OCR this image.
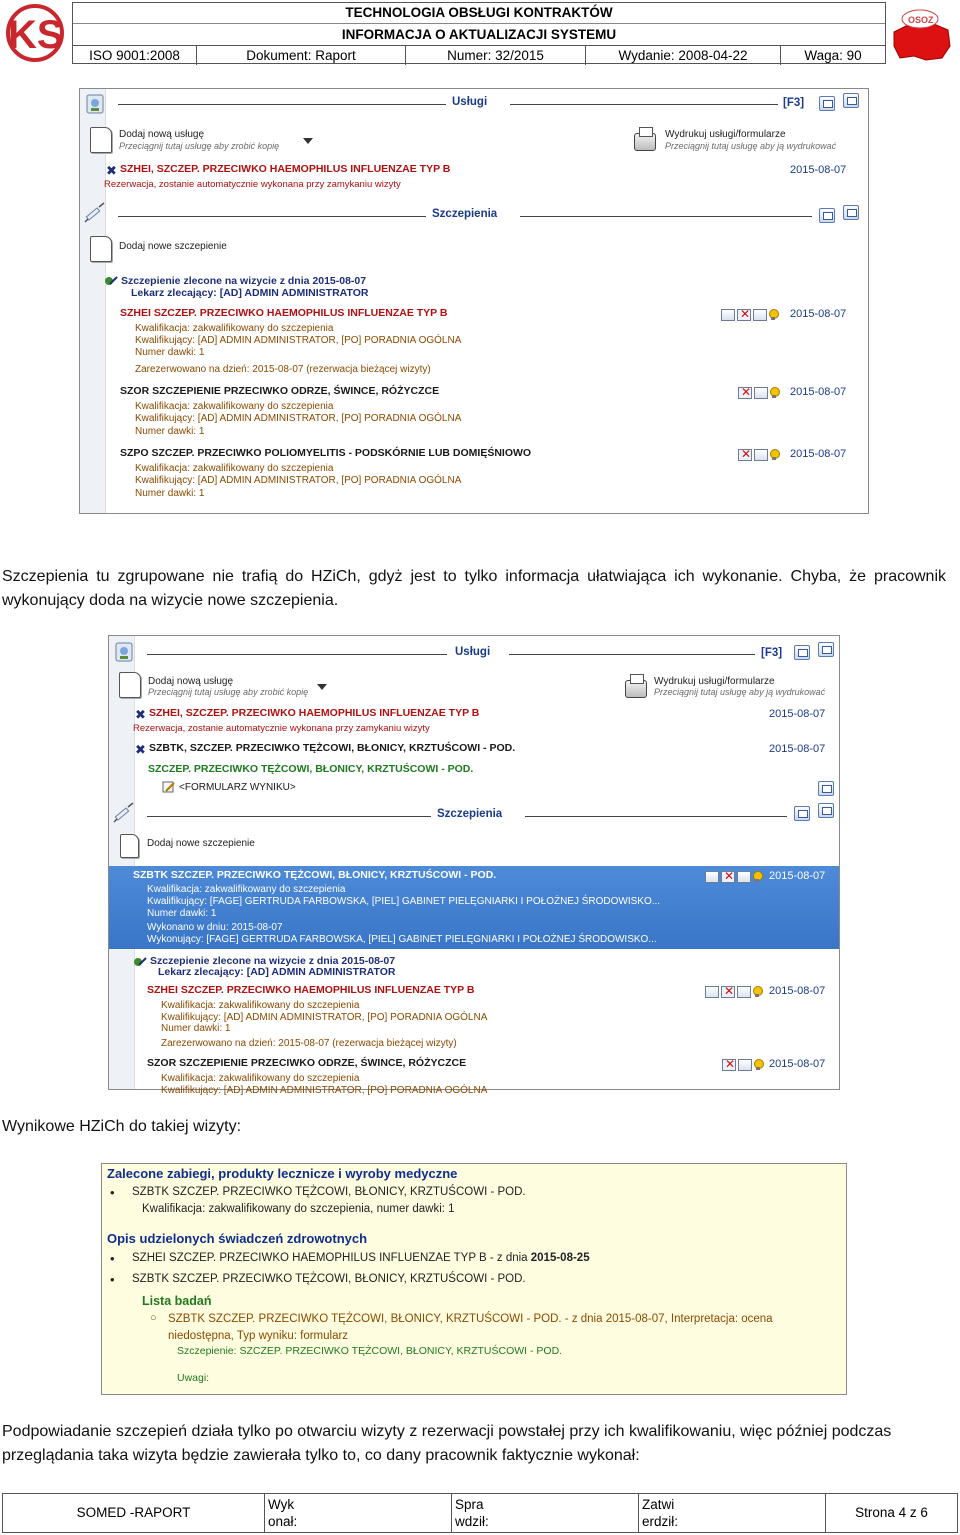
KS
TECHNOLOGIA OBSŁUGI KONTRAKTÓW
INFORMACJA O AKTUALIZACJI SYSTEMU
ISO 9001:2008	Dokument: Raport	Numer: 32/2015	Wydanie: 2008-04-22	Waga: 90
OSOZ
Usługi	[F3]
Dodaj nową usługę
Przeciągnij tutaj usługę aby zrobić kopię
Wydrukuj usługi/formularze
Przeciągnij tutaj usługę aby ją wydrukować
✖ SZHEI, SZCZEP. PRZECIWKO HAEMOPHILUS INFLUENZAE TYP B
Rezerwacja, zostanie automatycznie wykonana przy zamykaniu wizyty
2015-08-07
Szczepienia
Dodaj nowe szczepienie
Szczepienie zlecone na wizycie z dnia 2015-08-07
Lekarz zlecający: [AD] ADMIN ADMINISTRATOR
SZHEI SZCZEP. PRZECIWKO HAEMOPHILUS INFLUENZAE TYP B
Kwalifikacja: zakwalifikowany do szczepienia
Kwalifikujący: [AD] ADMIN ADMINISTRATOR, [PO] PORADNIA OGÓLNA
Numer dawki: 1
Zarezerwowano na dzień: 2015-08-07 (rezerwacja bieżącej wizyty)
✕
2015-08-07
SZOR SZCZEPIENIE PRZECIWKO ODRZE, ŚWINCE, RÓŻYCZCE
Kwalifikacja: zakwalifikowany do szczepienia
Kwalifikujący: [AD] ADMIN ADMINISTRATOR, [PO] PORADNIA OGÓLNA
Numer dawki: 1
✕
2015-08-07
SZPO SZCZEP. PRZECIWKO POLIOMYELITIS - PODSKÓRNIE LUB DOMIĘŚNIOWO
Kwalifikacja: zakwalifikowany do szczepienia
Kwalifikujący: [AD] ADMIN ADMINISTRATOR, [PO] PORADNIA OGÓLNA
Numer dawki: 1
✕
2015-08-07

Szczepienia tu zgrupowane nie trafią do HZiCh, gdyż jest to tylko informacja ułatwiająca ich wykonanie. Chyba, że pracownik wykonujący doda na wizycie nowe szczepienia.

Usługi	[F3]
Dodaj nową usługę
Przeciągnij tutaj usługę aby zrobić kopię
Wydrukuj usługi/formularze
Przeciągnij tutaj usługę aby ją wydrukować
✖ SZHEI, SZCZEP. PRZECIWKO HAEMOPHILUS INFLUENZAE TYP B
Rezerwacja, zostanie automatycznie wykonana przy zamykaniu wizyty
2015-08-07
✖ SZBTK, SZCZEP. PRZECIWKO TĘŻCOWI, BŁONICY, KRZTUŚCOWI - POD.	2015-08-07
SZCZEP. PRZECIWKO TĘŻCOWI, BŁONICY, KRZTUŚCOWI - POD.
<FORMULARZ WYNIKU>
Szczepienia
Dodaj nowe szczepienie
SZBTK SZCZEP. PRZECIWKO TĘŻCOWI, BŁONICY, KRZTUŚCOWI - POD.
Kwalifikacja: zakwalifikowany do szczepienia
Kwalifikujący: [FAGE] GERTRUDA FARBOWSKA, [PIEL] GABINET PIELĘGNIARKI I POŁOŻNEJ ŚRODOWISKO...
Numer dawki: 1
Wykonano w dniu: 2015-08-07
Wykonujący: [FAGE] GERTRUDA FARBOWSKA, [PIEL] GABINET PIELĘGNIARKI I POŁOŻNEJ ŚRODOWISKO...
✕
2015-08-07
Szczepienie zlecone na wizycie z dnia 2015-08-07
Lekarz zlecający: [AD] ADMIN ADMINISTRATOR
SZHEI SZCZEP. PRZECIWKO HAEMOPHILUS INFLUENZAE TYP B
Kwalifikacja: zakwalifikowany do szczepienia
Kwalifikujący: [AD] ADMIN ADMINISTRATOR, [PO] PORADNIA OGÓLNA
Numer dawki: 1
Zarezerwowano na dzień: 2015-08-07 (rezerwacja bieżącej wizyty)
✕
2015-08-07
SZOR SZCZEPIENIE PRZECIWKO ODRZE, ŚWINCE, RÓŻYCZCE
Kwalifikacja: zakwalifikowany do szczepienia
Kwalifikujący: [AD] ADMIN ADMINISTRATOR, [PO] PORADNIA OGÓLNA
✕
2015-08-07

Wynikowe HZiCh do takiej wizyty:

Zalecone zabiegi, produkty lecznicze i wyroby medyczne
• SZBTK SZCZEP. PRZECIWKO TĘŻCOWI, BŁONICY, KRZTUŚCOWI - POD.
Kwalifikacja: zakwalifikowany do szczepienia, numer dawki: 1
Opis udzielonych świadczeń zdrowotnych
• SZHEI SZCZEP. PRZECIWKO HAEMOPHILUS INFLUENZAE TYP B - z dnia 2015-08-25
• SZBTK SZCZEP. PRZECIWKO TĘŻCOWI, BŁONICY, KRZTUŚCOWI - POD.
Lista badań
○ SZBTK SZCZEP. PRZECIWKO TĘŻCOWI, BŁONICY, KRZTUŚCOWI - POD. - z dnia 2015-08-07, Interpretacja: ocena
niedostępna, Typ wyniku: formularz
Szczepienie: SZCZEP. PRZECIWKO TĘŻCOWI, BŁONICY, KRZTUŚCOWI - POD.
Uwagi:

Podpowiadanie szczepień działa tylko po otwarciu wizyty z rezerwacji powstałej przy ich kwalifikowaniu, więc później podczas przeglądania taka wizyta będzie zawierała tylko to, co dany pracownik faktycznie wykonał:

SOMED -RAPORT
Wyk
onał:
Spra
wdził:
Zatwi
erdził:
Strona 4 z 6
